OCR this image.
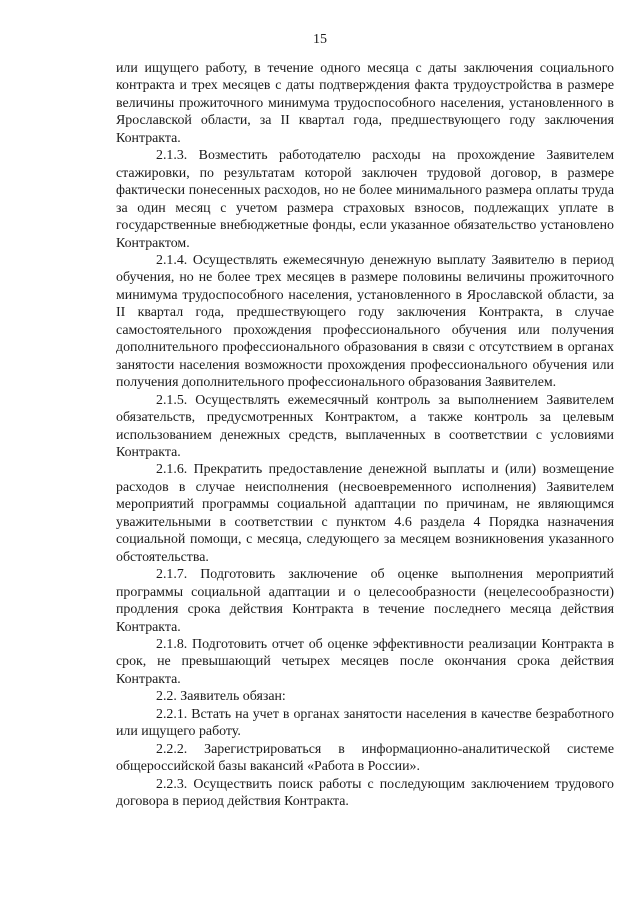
15

или ищущего работу, в течение одного месяца с даты заключения социального контракта и трех месяцев с даты подтверждения факта трудоустройства в размере величины прожиточного минимума трудоспособного населения, установленного в Ярославской области, за II квартал года, предшествующего году заключения Контракта.

2.1.3. Возместить работодателю расходы на прохождение Заявителем стажировки, по результатам которой заключен трудовой договор, в размере фактически понесенных расходов, но не более минимального размера оплаты труда за один месяц с учетом размера страховых взносов, подлежащих уплате в государственные внебюджетные фонды, если указанное обязательство установлено Контрактом.

2.1.4. Осуществлять ежемесячную денежную выплату Заявителю в период обучения, но не более трех месяцев в размере половины величины прожиточного минимума трудоспособного населения, установленного в Ярославской области, за II квартал года, предшествующего году заключения Контракта, в случае самостоятельного прохождения профессионального обучения или получения дополнительного профессионального образования в связи с отсутствием в органах занятости населения возможности прохождения профессионального обучения или получения дополнительного профессионального образования Заявителем.

2.1.5. Осуществлять ежемесячный контроль за выполнением Заявителем обязательств, предусмотренных Контрактом, а также контроль за целевым использованием денежных средств, выплаченных в соответствии с условиями Контракта.

2.1.6. Прекратить предоставление денежной выплаты и (или) возмещение расходов в случае неисполнения (несвоевременного исполнения) Заявителем мероприятий программы социальной адаптации по причинам, не являющимся уважительными в соответствии с пунктом 4.6 раздела 4 Порядка назначения социальной помощи, с месяца, следующего за месяцем возникновения указанного обстоятельства.

2.1.7. Подготовить заключение об оценке выполнения мероприятий программы социальной адаптации и о целесообразности (нецелесообразности) продления срока действия Контракта в течение последнего месяца действия Контракта.

2.1.8. Подготовить отчет об оценке эффективности реализации Контракта в срок, не превышающий четырех месяцев после окончания срока действия Контракта.

2.2. Заявитель обязан:

2.2.1. Встать на учет в органах занятости населения в качестве безработного или ищущего работу.

2.2.2. Зарегистрироваться в информационно-аналитической системе общероссийской базы вакансий «Работа в России».

2.2.3. Осуществить поиск работы с последующим заключением трудового договора в период действия Контракта.
